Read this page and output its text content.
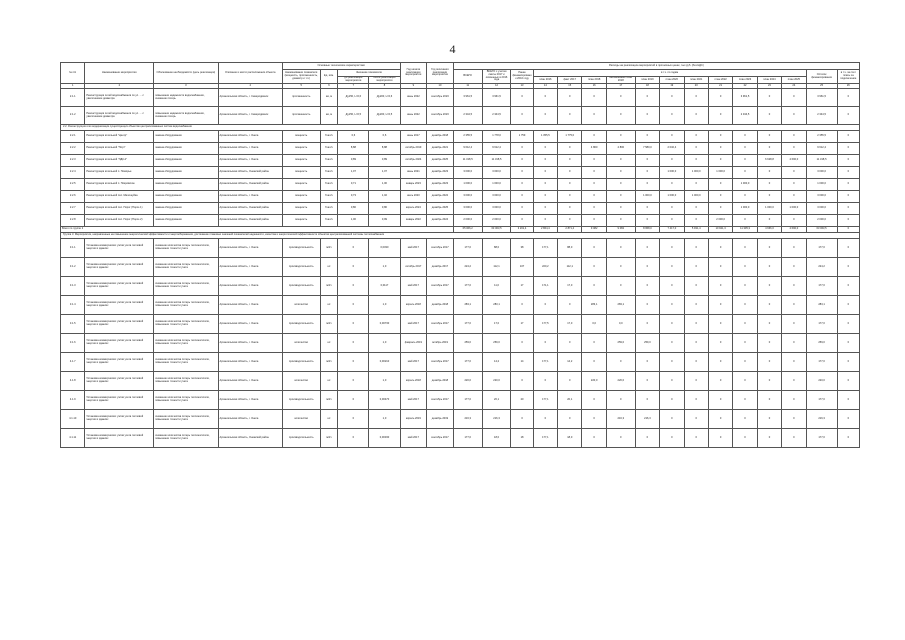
4
№ п/п	Наименование мероприятия	Обоснование необходимости (цель реализации)	Описание и место расположения объекта	Основные технические характеристики				Год начала реализации мероприятия	Год окончания реализации мероприятия	Расходы на реализацию мероприятий в прогнозных ценах, тыс.руб. (без НДС)															
				Наименование показателя (мощность, протяженность, диаметр и т.п.)	Ед. изм.	Значение показателя				ВСЕГО	ВСЕГО с учетом сметы 2017 и освоенных в 2016 года	Ранее финансировано к 2016 году	в т.ч. по годам											Остаток финансирования	в т.ч. за счет платы за подключение
						до реализации мероприятия	после реализации мероприятия						план 2016	факт 2017	план 2018	неосвоенный план 2018	план 2019	план 2020	план 2021	план 2022	план 2023	план 2024	план 2025		

1	2	3	4	5	6	7	8	9	10	11	12	13	14	15	16	17	18	19	20	21	22	23	24	25	26
2.1.1	Реконструкция сетей водоснабжения по ул. ... с увеличением диаметра	повышение надежности водоснабжения, снижение потерь	Архангельская область, г. Северодвинск	протяженность	км, м	Ду150, L=0,6	Ду200, L=0,6	июнь 2022	сентябрь 2023	3 961,5	3 961,5	0	0	0	0	0	0	0	0	0	3 961,5	0	0	3 961,5	0
2.1.2	Реконструкция сетей водоснабжения по ул. ... с увеличением диаметра	повышение надежности водоснабжения, снижение потерь	Архангельская область, г. Северодвинск	протяженность	км, м	Ду150, L=0,5	Ду200, L=0,5	июнь 2022	сентябрь 2023	2 344,5	2 344,5	0	0	0	0	0	0	0	0	0	2 344,5	0	0	2 344,5	0
2.2. Реконструкция или модернизация существующих объектов централизованных систем водоснабжения																									
2.2.1	Реконструкция котельной "Центр"	замена оборудования	Архангельская область, г. Онега	мощность	Гкал/ч	0,6	0,6	июнь 2017	декабрь 2018	2 355,5	1 778,0	1 759	1 355,5	1 775,0	0	0	0	0	0	0	0	0	0	2 355,5	0
2.2.2	Реконструкция котельной "Порт"	замена оборудования	Архангельская область, г. Онега	мощность	Гкал/ч	8,88	8,88	октябрь 2019	декабрь 2021	9 612,4	9 612,4	0	0	0	4 800	4 800	7 580,0	2 032,4	0	0	0	0	0	9 612,4	0
2.2.3	Реконструкция котельной "ЛДК-2"	замена оборудования	Архангельская область, г. Онега	мощность	Гкал/ч	0,89	0,89	октябрь 2024	декабрь 2025	11 318,5	11 318,5	0	0	0	0	0	0	0	0	0	0	6 628,8	4 690,0	11 318,5	0
2.2.4	Реконструкция котельной п. Поморье	замена оборудования	Архангельская область, Онежский район	мощность	Гкал/ч	1,07	1,07	июнь 2021	декабрь 2023	3 000,0	3 000,0	0	0	0	0	0	0	1 000,0	1 000,0	1 000,0	0	0	0	3 000,0	0
2.2.5	Реконструкция котельной п. Покровское	замена оборудования	Архангельская область, Онежский район	мощность	Гкал/ч	0,71	1,00	январь 2023	декабрь 2023	1 000,0	1 000,0	0	0	0	0	0	0	0	0	0	1 000,0	0	0	1 000,0	0
2.2.6	Реконструкция котельной пос. Малошуйка	замена оборудования	Архангельская область, г. Онега	мощность	Гкал/ч	0,73	1,02	июль 2020	декабрь 2022	3 000,0	3 000,0	0	0	0	0	0	1 000,0	1 000,0	1 000,0	0	0	0	0	3 000,0	0
2.2.7	Реконструкция котельной пос. Порог (Порог-1)	замена оборудования	Архангельская область, Онежский район	мощность	Гкал/ч	0,80	0,80	апрель 2024	декабрь 2025	3 000,0	3 000,0	0	0	0	0	0	0	0	0	0	1 000,0	1 000,0	1 000,0	3 000,0	0
2.2.8	Реконструкция котельной пос. Порог (Порог-2)	замена оборудования	Архангельская область, Онежский район	мощность	Гкал/ч	1,00	0,99	январь 2022	декабрь 2024	2 000,0	2 000,0	0	0	0	0	0	0	0	0	2 000,0	0	0	0	2 000,0	0
Всего по группе 2										65 066,2	63 063,5	3 201,4	2 864,4	2 871,4	9 082	9 082	8 958,0	7 417,0	5 931,4	10 921,3	11 305,3	4 666,0	4 690,0	63 063,5	0
Группа 3. Мероприятия, направленные на повышение энергетической эффективности и энергосбережения, достижение плановых значений показателей надежности, качества и энергетической эффективности объектов централизованной системы теплоснабжения																									
3.1.1	Установка коммерческих узлов учета тепловой энергии в зданиях	снижение количества потерь теплоносителя, повышение точности учета	Архангельская область, г. Онега	производительность	м3/ч	0	0,0030	май 2017	сентябрь 2017	177,0	88,0	38	177,1	88,0	0	0	0	0	0	0	0	0	0	177,0	0
3.1.2	Установка коммерческих узлов учета тепловой энергии в зданиях	снижение количества потерь теплоносителя, повышение точности учета	Архангельская область, г. Онега	производительность	шт	0	1,0	октябрь 2017	декабрь 2017	224,2	112,1	107	220,2	112,1	0	0	0	0	0	0	0	0	0	224,2	0
3.1.3	Установка коммерческих узлов учета тепловой энергии в зданиях	снижение количества потерь теплоносителя, повышение точности учета	Архангельская область, г. Онега	производительность	м3/ч	0	0,0117	май 2017	сентябрь 2017	177,0	11,0	17	171,1	17,0	0	0	0	0	0	0	0	0	0	177,0	0
3.1.4	Установка коммерческих узлов учета тепловой энергии в зданиях	снижение количества потерь теплоносителя, повышение точности учета	Архангельская область, г. Онега	количество	шт	0	1,0	апрель 2018	декабрь 2018	283,1	283,1	0	0	0	283,1	283,1	0	0	0	0	0	0	0	283,1	0
3.1.5	Установка коммерческих узлов учета тепловой энергии в зданиях	снижение количества потерь теплоносителя, повышение точности учета	Архангельская область, г. Онега	производительность	м3/ч	0	0,00730	май 2017	сентябрь 2017	177,0	17,0	17	177,5	17,0	0,0	0,0	0	0	0	0	0	0	0	177,0	0
3.1.6	Установка коммерческих узлов учета тепловой энергии в зданиях	снижение количества потерь теплоносителя, повышение точности учета	Архангельская область, г. Онега	количество	шт	0	1,0	февраль 2019	октябрь 2019	259,0	259,0	0	0	0	0	259,0	259,0	0	0	0	0	0	0	259,0	0
4.1.7	Установка коммерческих узлов учета тепловой энергии в зданиях	снижение количества потерь теплоносителя, повышение точности учета	Архангельская область, г. Онега	производительность	м3/ч	0	0,00210	май 2017	сентябрь 2017	177,0	14,2	14	177,1	14,2	0	0	0	0	0	0	0	0	0	177,0	0
4.1.8	Установка коммерческих узлов учета тепловой энергии в зданиях	снижение количества потерь теплоносителя, повышение точности учета	Архангельская область, г. Онега	количество	шт	0	1,0	апрель 2018	декабрь 2018	220,0	220,0	0	0	0	220,0	220,0	0	0	0	0	0	0	0	220,0	0
4.1.9	Установка коммерческих узлов учета тепловой энергии в зданиях	снижение количества потерь теплоносителя, повышение точности учета	Архангельская область, г. Онега	производительность	м3/ч	0	0,00470	май 2017	сентябрь 2017	177,0	20,1	20	177,1	20,1	0	0	0	0	0	0	0	0	0	177,0	0
4.1.10	Установка коммерческих узлов учета тепловой энергии в зданиях	снижение количества потерь теплоносителя, повышение точности учета	Архангельская область, г. Онега	количество	шт	0	1,0	апрель 2019	декабрь 2019	216,3	216,3	0	0	0	0	216,3	216,3	0	0	0	0	0	0	216,3	0
4.1.11	Установка коммерческих узлов учета тепловой энергии в зданиях	снижение количества потерь теплоносителя, повышение точности учета	Архангельская область, Онежский район	производительность	м3/ч	0	0,00330	май 2017	сентябрь 2017	177,0	18,0	18	177,1	18,0	0	0	0	0	0	0	0	0	0	177,0	0
